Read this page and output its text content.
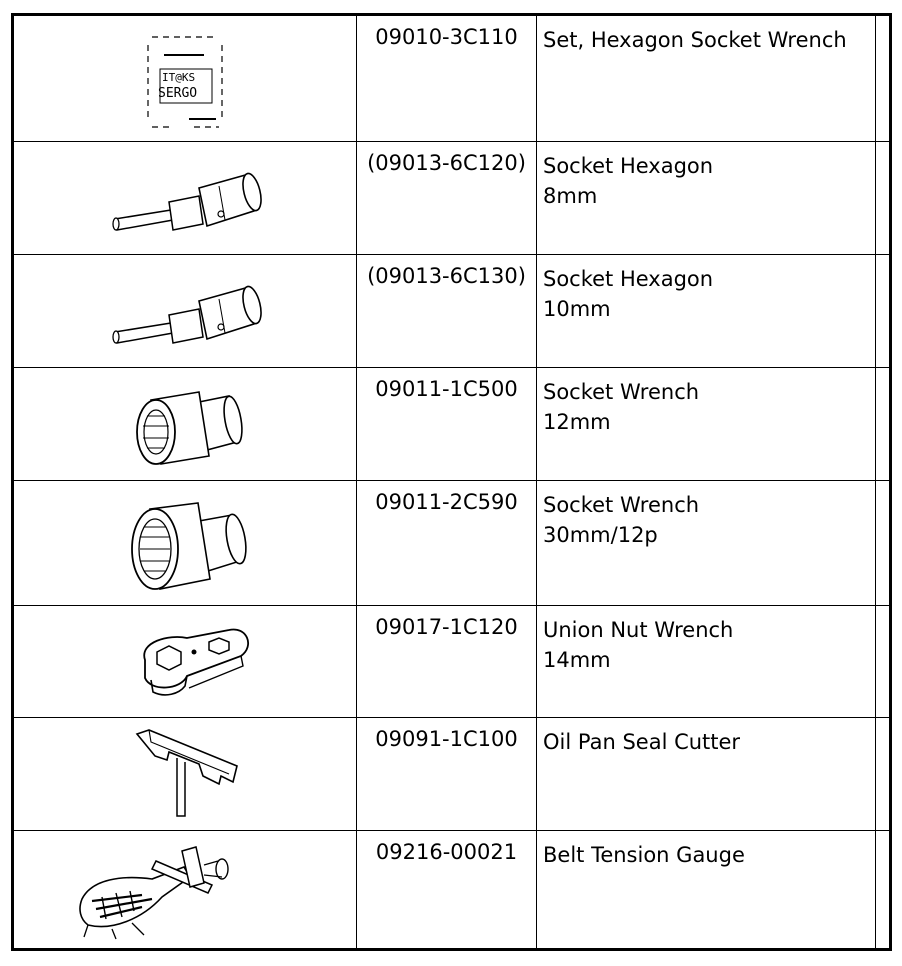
IT@KS
SERGO
09010-3C110	Set, Hexagon Socket Wrench
(09013-6C120) Socket Hexagon
8mm
(09013-6C130) Socket Hexagon
10mm
09011-1C500	Socket Wrench
12mm
09011-2C590	Socket Wrench
30mm/12p
09017-1C120	Union Nut Wrench
14mm
09091-1C100	Oil Pan Seal Cutter
09216-00021	Belt Tension Gauge
